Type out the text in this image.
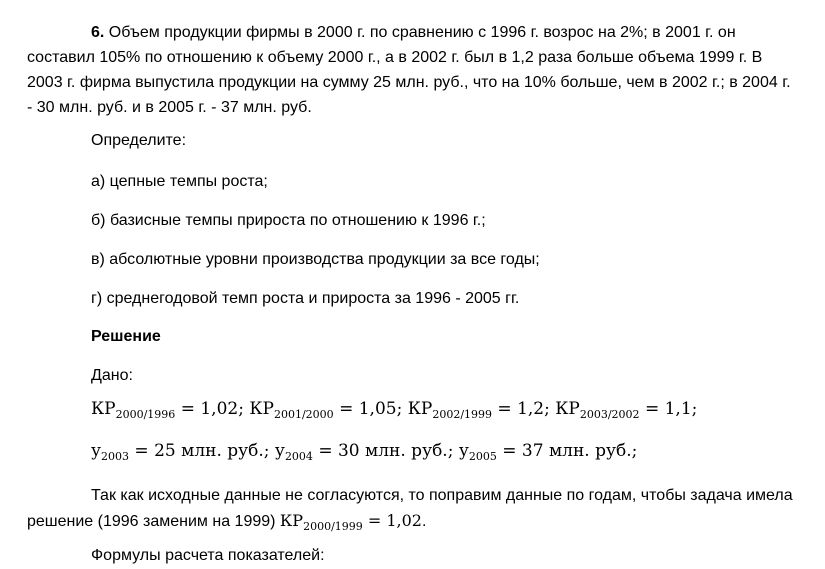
6. Объем продукции фирмы в 2000 г. по сравнению с 1996 г. возрос на 2%; в 2001 г. он составил 105% по отношению к объему 2000 г., а в 2002 г. был в 1,2 раза больше объема 1999 г. В 2003 г. фирма выпустила продукции на сумму 25 млн. руб., что на 10% больше, чем в 2002 г.; в 2004 г. - 30 млн. руб. и в 2005 г. - 37 млн. руб.

Определите:

а) цепные темпы роста;

б) базисные темпы прироста по отношению к 1996 г.;

в) абсолютные уровни производства продукции за все годы;

г) среднегодовой темп роста и прироста за 1996 - 2005 гг.

Решение

Дано:

$КР_{2000/1996} = 1,02$; $КР_{2001/2000} = 1,05$; $КР_{2002/1999} = 1,2$; $КР_{2003/2002} = 1,1$;

$у_{2003} = 25$ млн. руб.; $у_{2004} = 30$ млн. руб.; $у_{2005} = 37$ млн. руб.;

Так как исходные данные не согласуются, то поправим данные по годам, чтобы задача имела решение (1996 заменим на 1999) $КР_{2000/1999} = 1,02$.

Формулы расчета показателей:
